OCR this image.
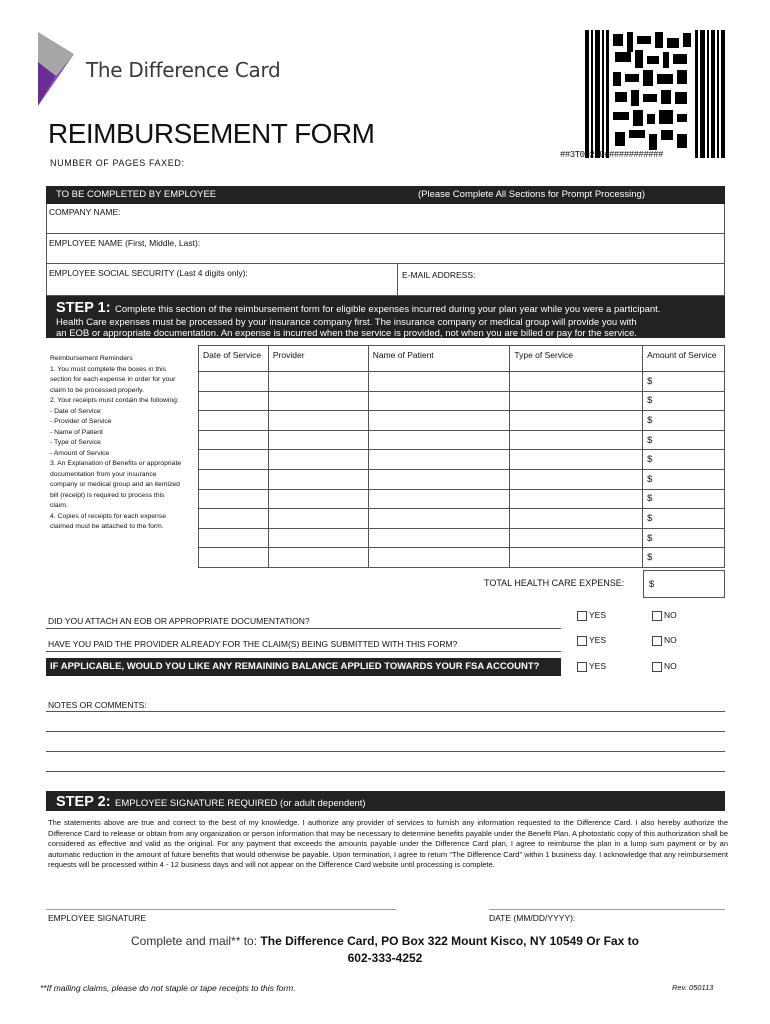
The Difference Card
##3T00230############
REIMBURSEMENT FORM
NUMBER OF PAGES FAXED:
TO BE COMPLETED BY EMPLOYEE	(Please Complete All Sections for Prompt Processing)
COMPANY NAME:
EMPLOYEE NAME (First, Middle, Last):
EMPLOYEE SOCIAL SECURITY (Last 4 digits only):	E-MAIL ADDRESS:
STEP 1: Complete this section of the reimbursement form for eligible expenses incurred during your plan year while you were a participant.
Health Care expenses must be processed by your insurance company first. The insurance company or medical group will provide you with
an EOB or appropriate documentation. An expense is incurred when the service is provided, not when you are billed or pay for the service.
Reimbursement Reminders
1. You must complete the boxes in this
section for each expense in order for your
claim to be processed properly.
2. Your receipts must contain the following:
- Date of Service
- Provider of Service
- Name of Patient
- Type of Service
- Amount of Service
3. An Explanation of Benefits or appropriate
documentation from your insurance
company or medical group and an itemized
bill (receipt) is required to process this
claim.
4. Copies of receipts for each expense
claimed must be attached to the form.
Date of Service	Provider	Name of Patient	Type of Service	Amount of Service
				$
				$
				$
				$
				$
				$
				$
				$
				$
				$
TOTAL HEALTH CARE EXPENSE:	$
DID YOU ATTACH AN EOB OR APPROPRIATE DOCUMENTATION?
HAVE YOU PAID THE PROVIDER ALREADY FOR THE CLAIM(S) BEING SUBMITTED WITH THIS FORM?
IF APPLICABLE, WOULD YOU LIKE ANY REMAINING BALANCE APPLIED TOWARDS YOUR FSA ACCOUNT?
YES	NO
YES	NO
YES	NO
NOTES OR COMMENTS:
STEP 2: EMPLOYEE SIGNATURE REQUIRED (or adult dependent)
The statements above are true and correct to the best of my knowledge. I authorize any provider of services to furnish any information requested to the Difference Card. I also hereby authorize the Difference Card to release or obtain from any organization or person information that may be necessary to determine benefits payable under the Benefit Plan. A photostatic copy of this authorization shall be considered as effective and valid as the original. For any payment that exceeds the amounts payable under the Difference Card plan, I agree to reimburse the plan in a lump sum payment or by an automatic reduction in the amount of future benefits that would otherwise be payable. Upon termination, I agree to return “The Difference Card” within 1 business day. I acknowledge that any reimbursement requests will be processed within 4 - 12 business days and will not appear on the Difference Card website until processing is complete.
EMPLOYEE SIGNATURE	DATE (MM/DD/YYYY):
Complete and mail** to: The Difference Card, PO Box 322 Mount Kisco, NY 10549 Or Fax to
602-333-4252
**If mailing claims, please do not staple or tape receipts to this form.	Rev. 050113
